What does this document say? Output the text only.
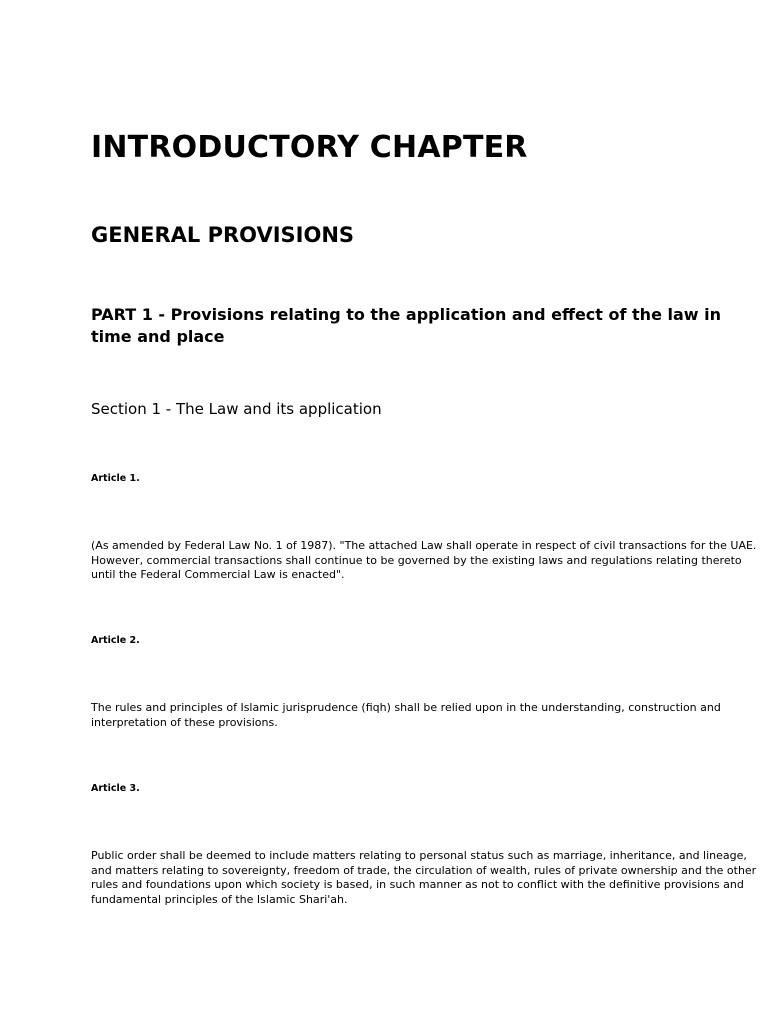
INTRODUCTORY CHAPTER
GENERAL PROVISIONS
PART 1 - Provisions relating to the application and effect of the law in time and place
Section 1 - The Law and its application
Article 1.

(As amended by Federal Law No. 1 of 1987). "The attached Law shall operate in respect of civil transactions for the UAE. However, commercial transactions shall continue to be governed by the existing laws and regulations relating thereto until the Federal Commercial Law is enacted".

Article 2.

The rules and principles of Islamic jurisprudence (fiqh) shall be relied upon in the understanding, construction and interpretation of these provisions.

Article 3.

Public order shall be deemed to include matters relating to personal status such as marriage, inheritance, and lineage, and matters relating to sovereignty, freedom of trade, the circulation of wealth, rules of private ownership and the other rules and foundations upon which society is based, in such manner as not to conflict with the definitive provisions and fundamental principles of the Islamic Shari'ah.
